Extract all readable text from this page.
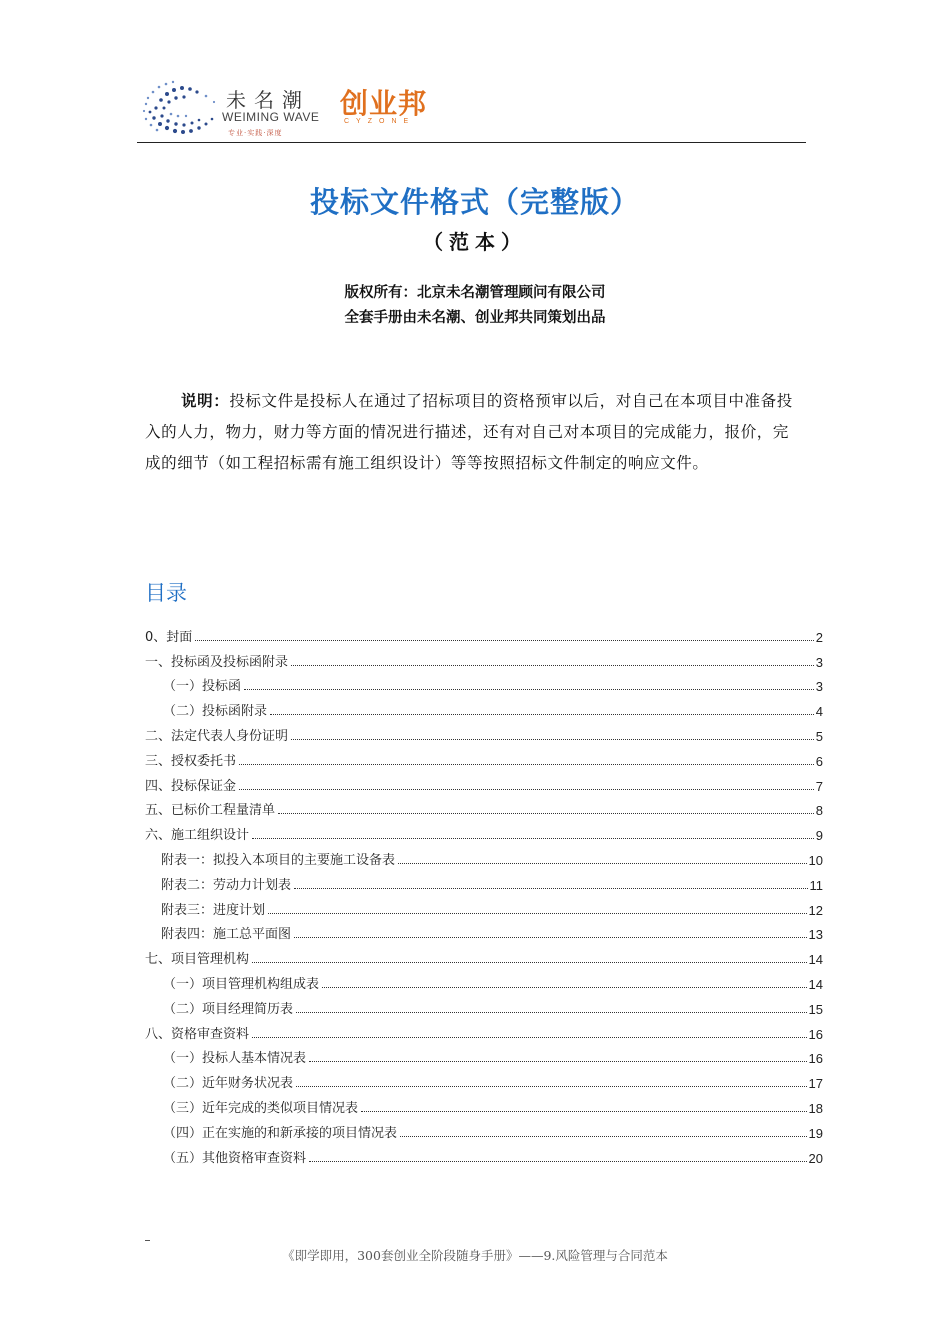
未名潮
WEIMING WAVE
专业·实践·深度
创业邦
CYZONE
投标文件格式（完整版）
（范本）
版权所有：北京未名潮管理顾问有限公司
全套手册由未名潮、创业邦共同策划出品
说明：投标文件是投标人在通过了招标项目的资格预审以后，对自己在本项目中准备投入的人力，物力，财力等方面的情况进行描述，还有对自己对本项目的完成能力，报价，完成的细节（如工程招标需有施工组织设计）等等按照招标文件制定的响应文件。
目录
0、封面	2
一、投标函及投标函附录	3
（一）投标函	3
（二）投标函附录	4
二、法定代表人身份证明	5
三、授权委托书	6
四、投标保证金	7
五、已标价工程量清单	8
六、施工组织设计	9
附表一：拟投入本项目的主要施工设备表	10
附表二：劳动力计划表	11
附表三：进度计划	12
附表四：施工总平面图	13
七、项目管理机构	14
（一）项目管理机构组成表	14
（二）项目经理简历表	15
八、资格审查资料	16
（一）投标人基本情况表	16
（二）近年财务状况表	17
（三）近年完成的类似项目情况表	18
（四）正在实施的和新承接的项目情况表	19
（五）其他资格审查资料	20
《即学即用，300套创业全阶段随身手册》——9.风险管理与合同范本
